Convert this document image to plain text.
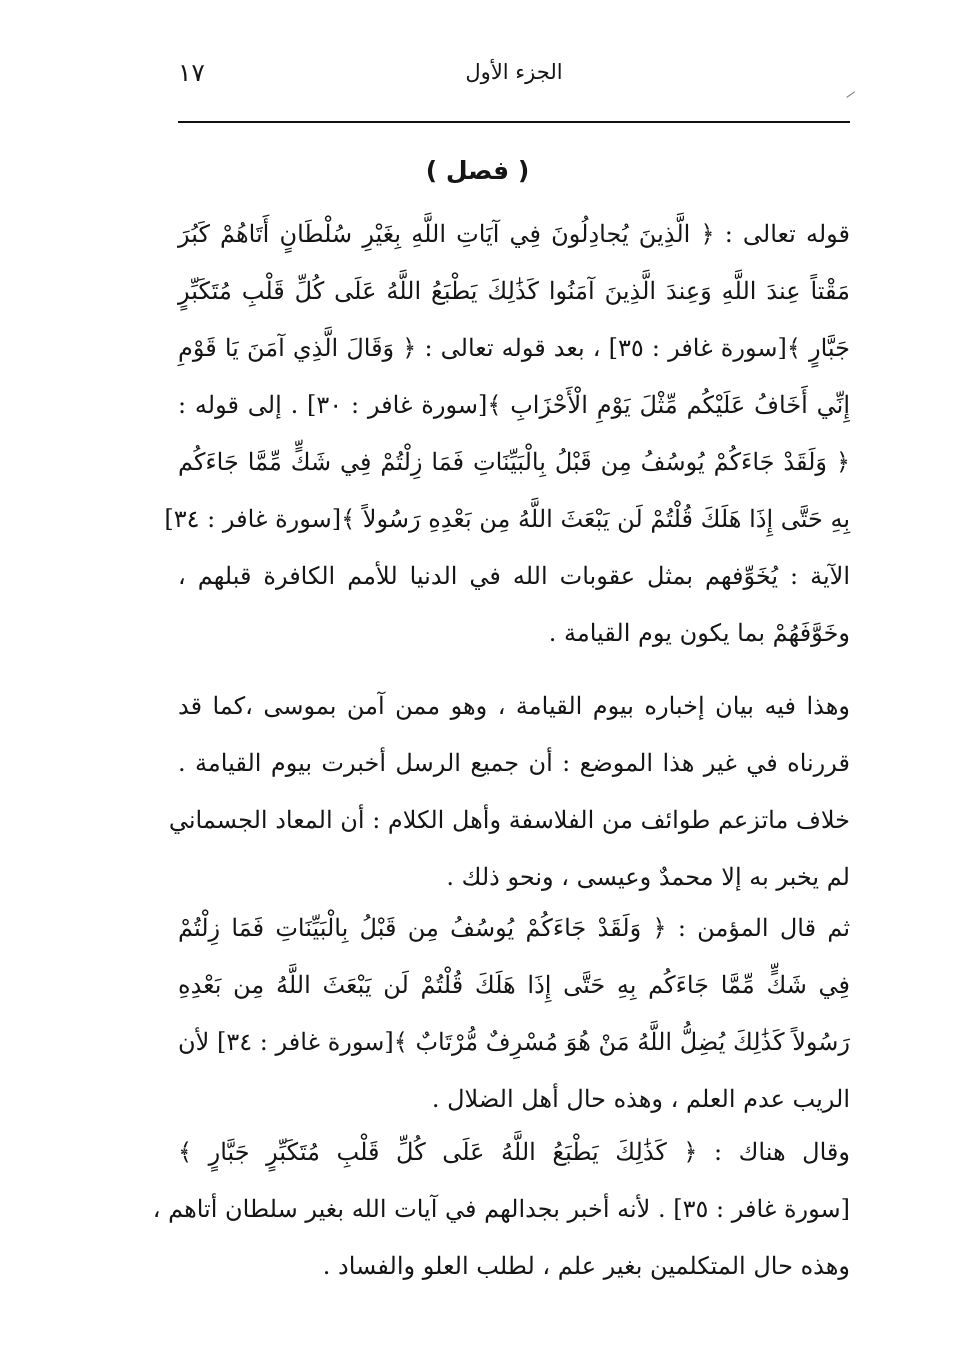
١٧	الجزء الأول
( فصل )
قوله تعالى : ﴿ الَّذِينَ يُجادِلُونَ فِي آيَاتِ اللَّهِ بِغَيْرِ سُلْطَانٍ أَتَاهُمْ كَبُرَ
مَقْتاً عِندَ اللَّهِ وَعِندَ الَّذِينَ آمَنُوا كَذَٰلِكَ يَطْبَعُ اللَّهُ عَلَى كُلِّ قَلْبِ مُتَكَبِّرٍ
جَبَّارٍ ﴾[سورة غافر : ٣٥] ، بعد قوله تعالى : ﴿ وَقَالَ الَّذِي آمَنَ يَا قَوْمِ
إِنِّي أَخَافُ عَلَيْكُم مِّثْلَ يَوْمِ الْأَحْزَابِ ﴾[سورة غافر : ٣٠] . إلى قوله :
﴿ وَلَقَدْ جَاءَكُمْ يُوسُفُ مِن قَبْلُ بِالْبَيِّنَاتِ فَمَا زِلْتُمْ فِي شَكٍّ مِّمَّا جَاءَكُم
بِهِ حَتَّى إِذَا هَلَكَ قُلْتُمْ لَن يَبْعَثَ اللَّهُ مِن بَعْدِهِ رَسُولاً ﴾[سورة غافر : ٣٤]
الآية : يُخَوِّفهم بمثل عقوبات الله في الدنيا للأمم الكافرة قبلهم ،
وخَوَّفَهُمْ بما يكون يوم القيامة .
وهذا فيه بيان إخباره بيوم القيامة ، وهو ممن آمن بموسى ،كما قد
قررناه في غير هذا الموضع : أن جميع الرسل أخبرت بيوم القيامة .
خلاف ماتزعم طوائف من الفلاسفة وأهل الكلام : أن المعاد الجسماني
لم يخبر به إلا محمدٌ وعيسى ، ونحو ذلك .
ثم قال المؤمن : ﴿ وَلَقَدْ جَاءَكُمْ يُوسُفُ مِن قَبْلُ بِالْبَيِّنَاتِ فَمَا زِلْتُمْ
فِي شَكٍّ مِّمَّا جَاءَكُم بِهِ حَتَّى إِذَا هَلَكَ قُلْتُمْ لَن يَبْعَثَ اللَّهُ مِن بَعْدِهِ
رَسُولاً كَذَٰلِكَ يُضِلُّ اللَّهُ مَنْ هُوَ مُسْرِفٌ مُّرْتَابٌ ﴾[سورة غافر : ٣٤] لأن
الريب عدم العلم ، وهذه حال أهل الضلال .
وقال هناك : ﴿ كَذَٰلِكَ يَطْبَعُ اللَّهُ عَلَى كُلِّ قَلْبِ مُتَكَبِّرٍ جَبَّارٍ ﴾
[سورة غافر : ٣٥] . لأنه أخبر بجدالهم في آيات الله بغير سلطان أتاهم ،
وهذه حال المتكلمين بغير علم ، لطلب العلو والفساد .
